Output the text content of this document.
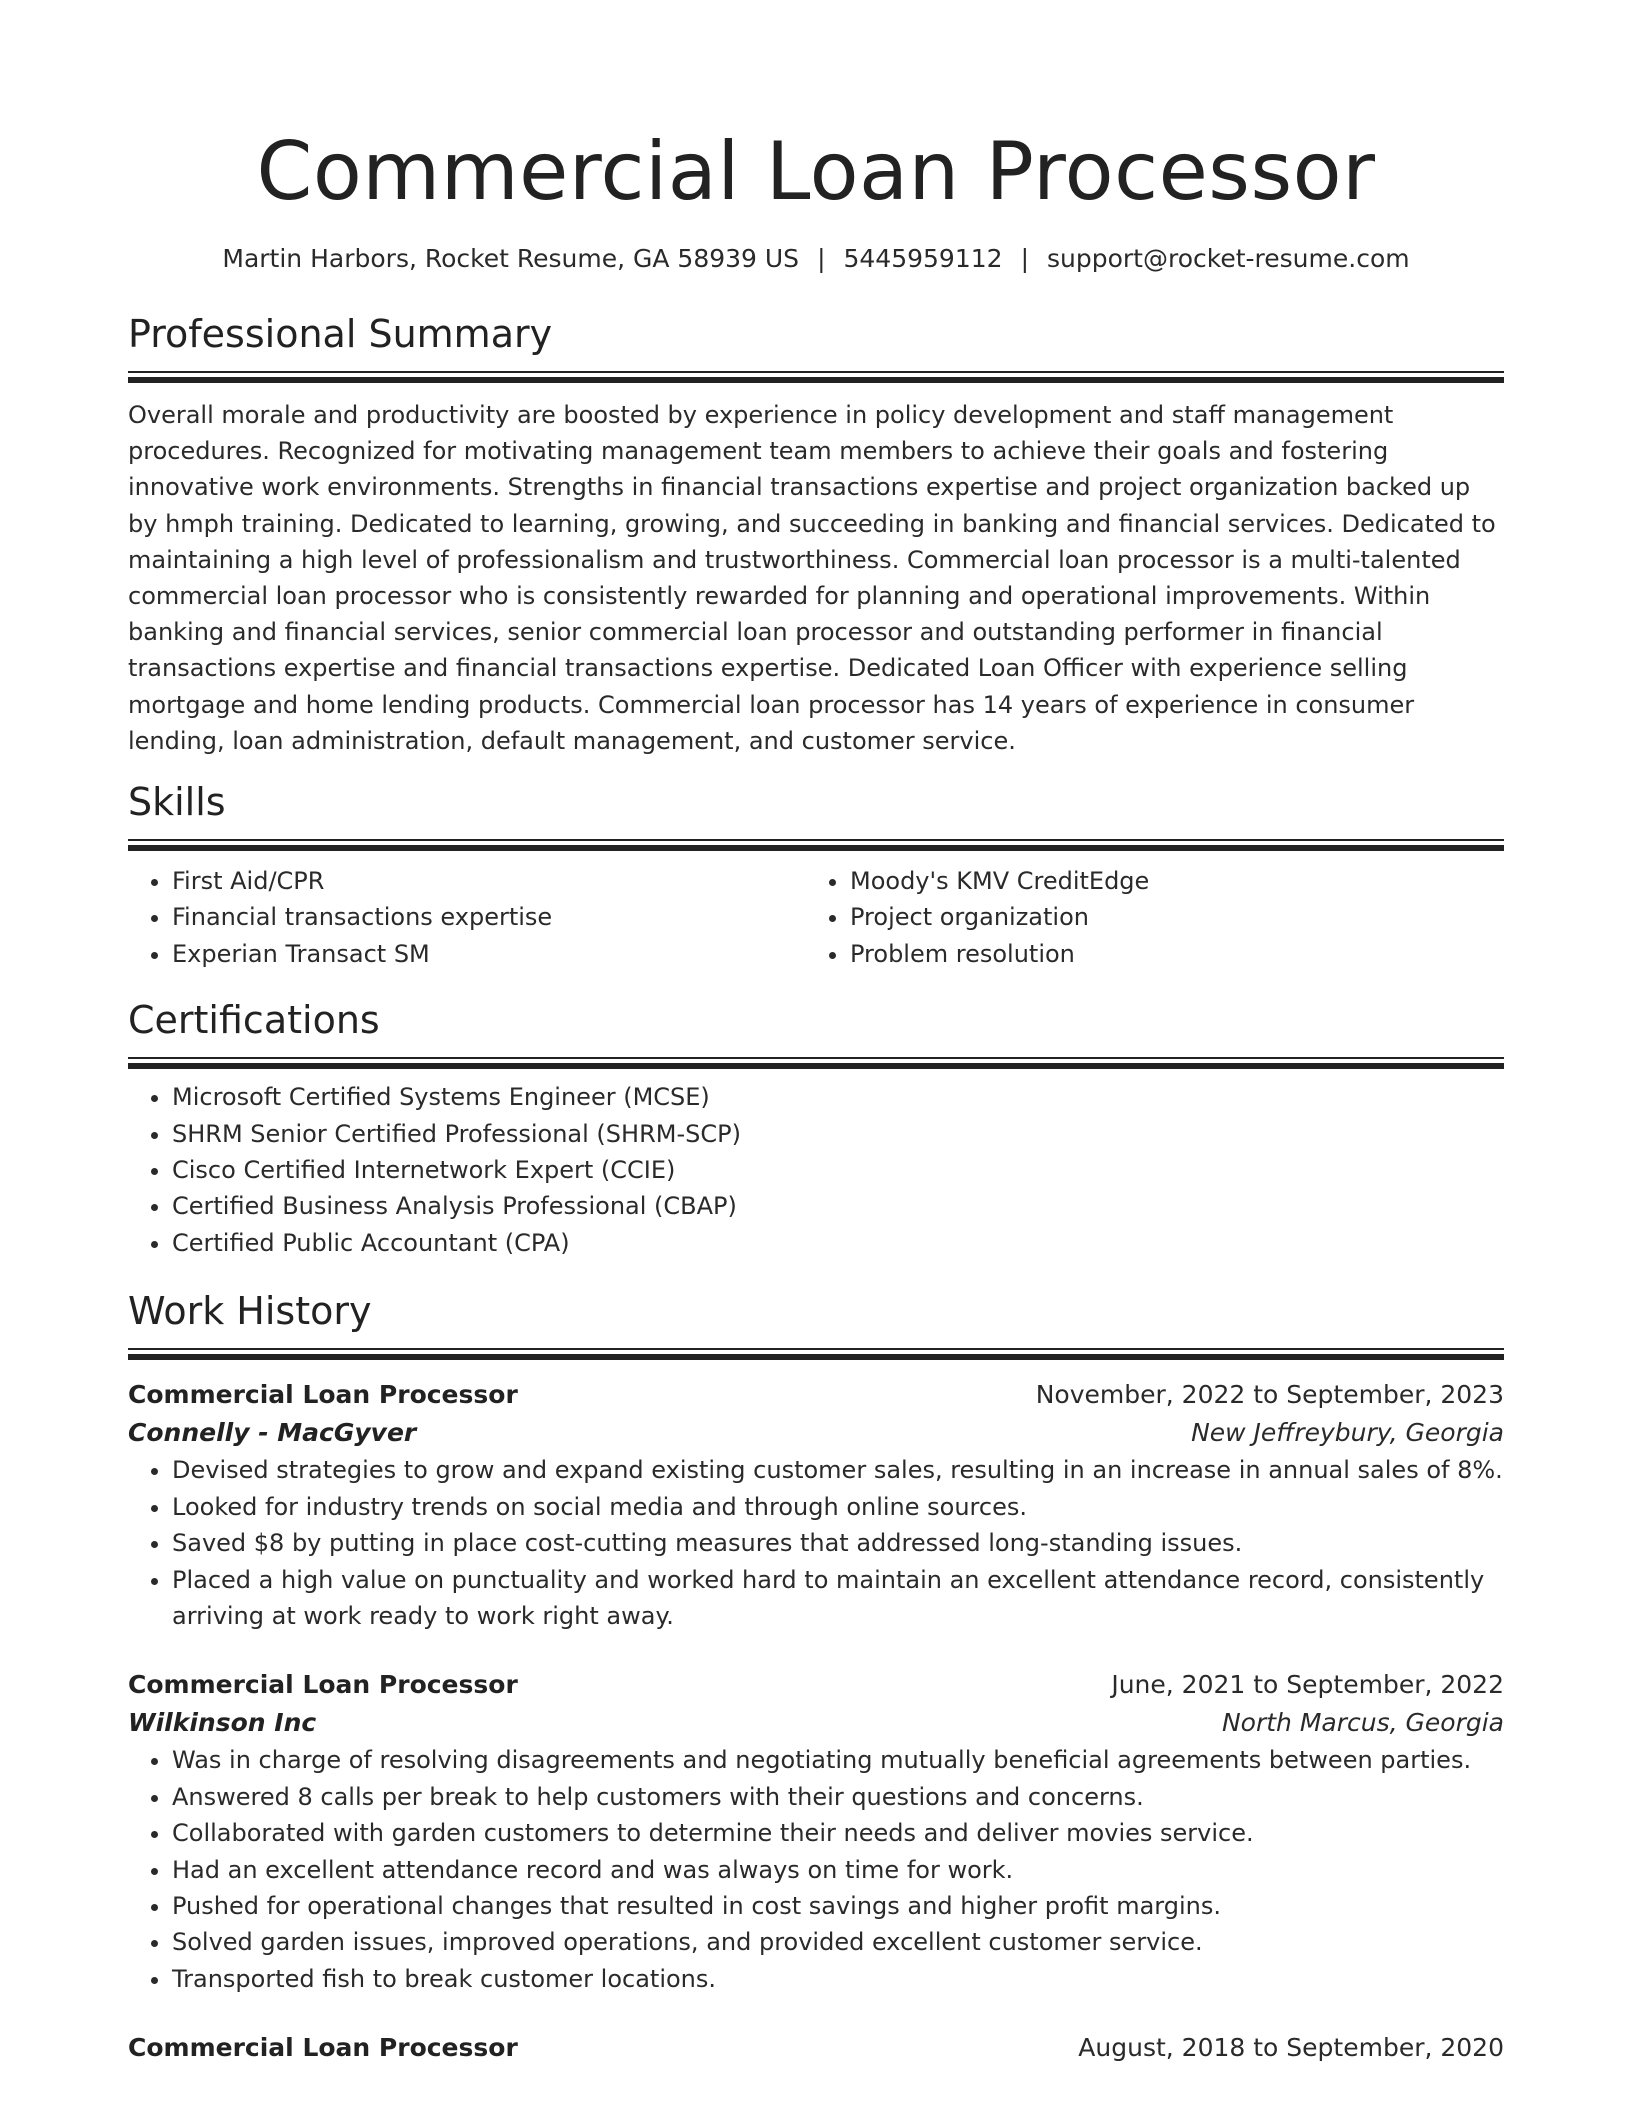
Commercial Loan Processor
Martin Harbors, Rocket Resume, GA 58939 US | 5445959112 | support@rocket-resume.com
Professional Summary
Overall morale and productivity are boosted by experience in policy development and staff management procedures. Recognized for motivating management team members to achieve their goals and fostering innovative work environments. Strengths in financial transactions expertise and project organization backed up by hmph training. Dedicated to learning, growing, and succeeding in banking and financial services. Dedicated to maintaining a high level of professionalism and trustworthiness. Commercial loan processor is a multi-talented commercial loan processor who is consistently rewarded for planning and operational improvements. Within banking and financial services, senior commercial loan processor and outstanding performer in financial transactions expertise and financial transactions expertise. Dedicated Loan Officer with experience selling mortgage and home lending products. Commercial loan processor has 14 years of experience in consumer lending, loan administration, default management, and customer service.
Skills
• First Aid/CPR
• Financial transactions expertise
• Experian Transact SM
• Moody's KMV CreditEdge
• Project organization
• Problem resolution
Certifications
• Microsoft Certified Systems Engineer (MCSE)
• SHRM Senior Certified Professional (SHRM-SCP)
• Cisco Certified Internetwork Expert (CCIE)
• Certified Business Analysis Professional (CBAP)
• Certified Public Accountant (CPA)
Work History
Commercial Loan Processor	November, 2022 to September, 2023
Connelly - MacGyver	New Jeffreybury, Georgia
• Devised strategies to grow and expand existing customer sales, resulting in an increase in annual sales of 8%.
• Looked for industry trends on social media and through online sources.
• Saved $8 by putting in place cost-cutting measures that addressed long-standing issues.
• Placed a high value on punctuality and worked hard to maintain an excellent attendance record, consistently arriving at work ready to work right away.
Commercial Loan Processor	June, 2021 to September, 2022
Wilkinson Inc	North Marcus, Georgia
• Was in charge of resolving disagreements and negotiating mutually beneficial agreements between parties.
• Answered 8 calls per break to help customers with their questions and concerns.
• Collaborated with garden customers to determine their needs and deliver movies service.
• Had an excellent attendance record and was always on time for work.
• Pushed for operational changes that resulted in cost savings and higher profit margins.
• Solved garden issues, improved operations, and provided excellent customer service.
• Transported fish to break customer locations.
Commercial Loan Processor	August, 2018 to September, 2020
